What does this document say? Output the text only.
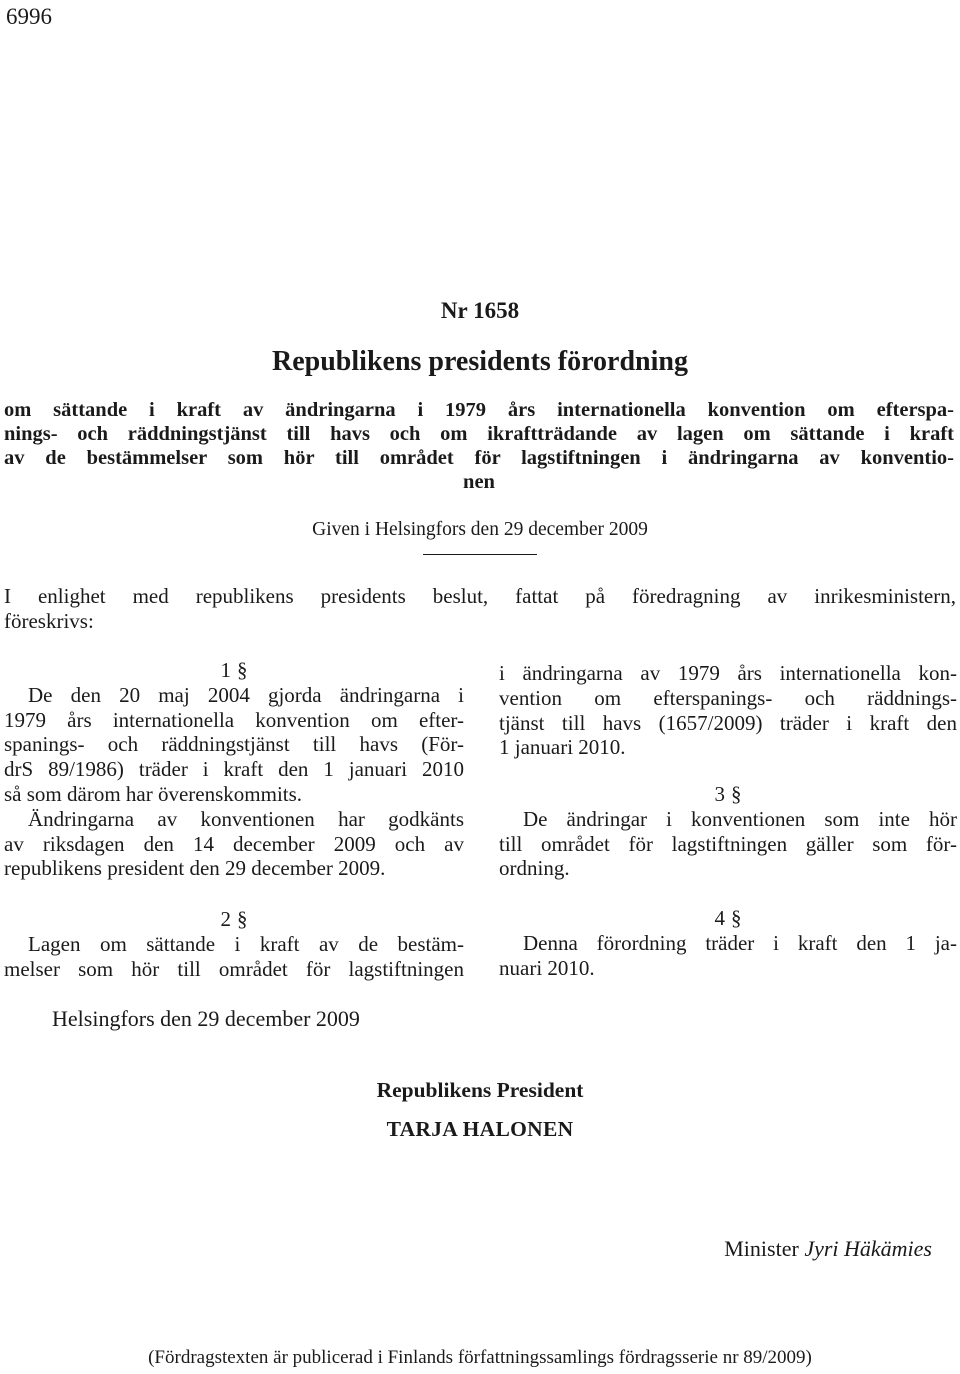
6996
Nr 1658
Republikens presidents förordning
om sättande i kraft av ändringarna i 1979 års internationella konvention om efterspa-
nings- och räddningstjänst till havs och om ikraftträdande av lagen om sättande i kraft
av de bestämmelser som hör till området för lagstiftningen i ändringarna av konventio-
nen
Given i Helsingfors den 29 december 2009
I enlighet med republikens presidents beslut, fattat på föredragning av inrikesministern,
föreskrivs:
1 §
De den 20 maj 2004 gjorda ändringarna i
1979 års internationella konvention om efter-
spanings- och räddningstjänst till havs (För-
drS 89/1986) träder i kraft den 1 januari 2010
så som därom har överenskommits.
Ändringarna av konventionen har godkänts
av riksdagen den 14 december 2009 och av
republikens president den 29 december 2009.
2 §
Lagen om sättande i kraft av de bestäm-
melser som hör till området för lagstiftningen
i ändringarna av 1979 års internationella kon-
vention om efterspanings- och räddnings-
tjänst till havs (1657/2009) träder i kraft den
1 januari 2010.
3 §
De ändringar i konventionen som inte hör
till området för lagstiftningen gäller som för-
ordning.
4 §
Denna förordning träder i kraft den 1 ja-
nuari 2010.
Helsingfors den 29 december 2009
Republikens President
TARJA HALONEN
Minister Jyri Häkämies
(Fördragstexten är publicerad i Finlands författningssamlings fördragsserie nr 89/2009)
